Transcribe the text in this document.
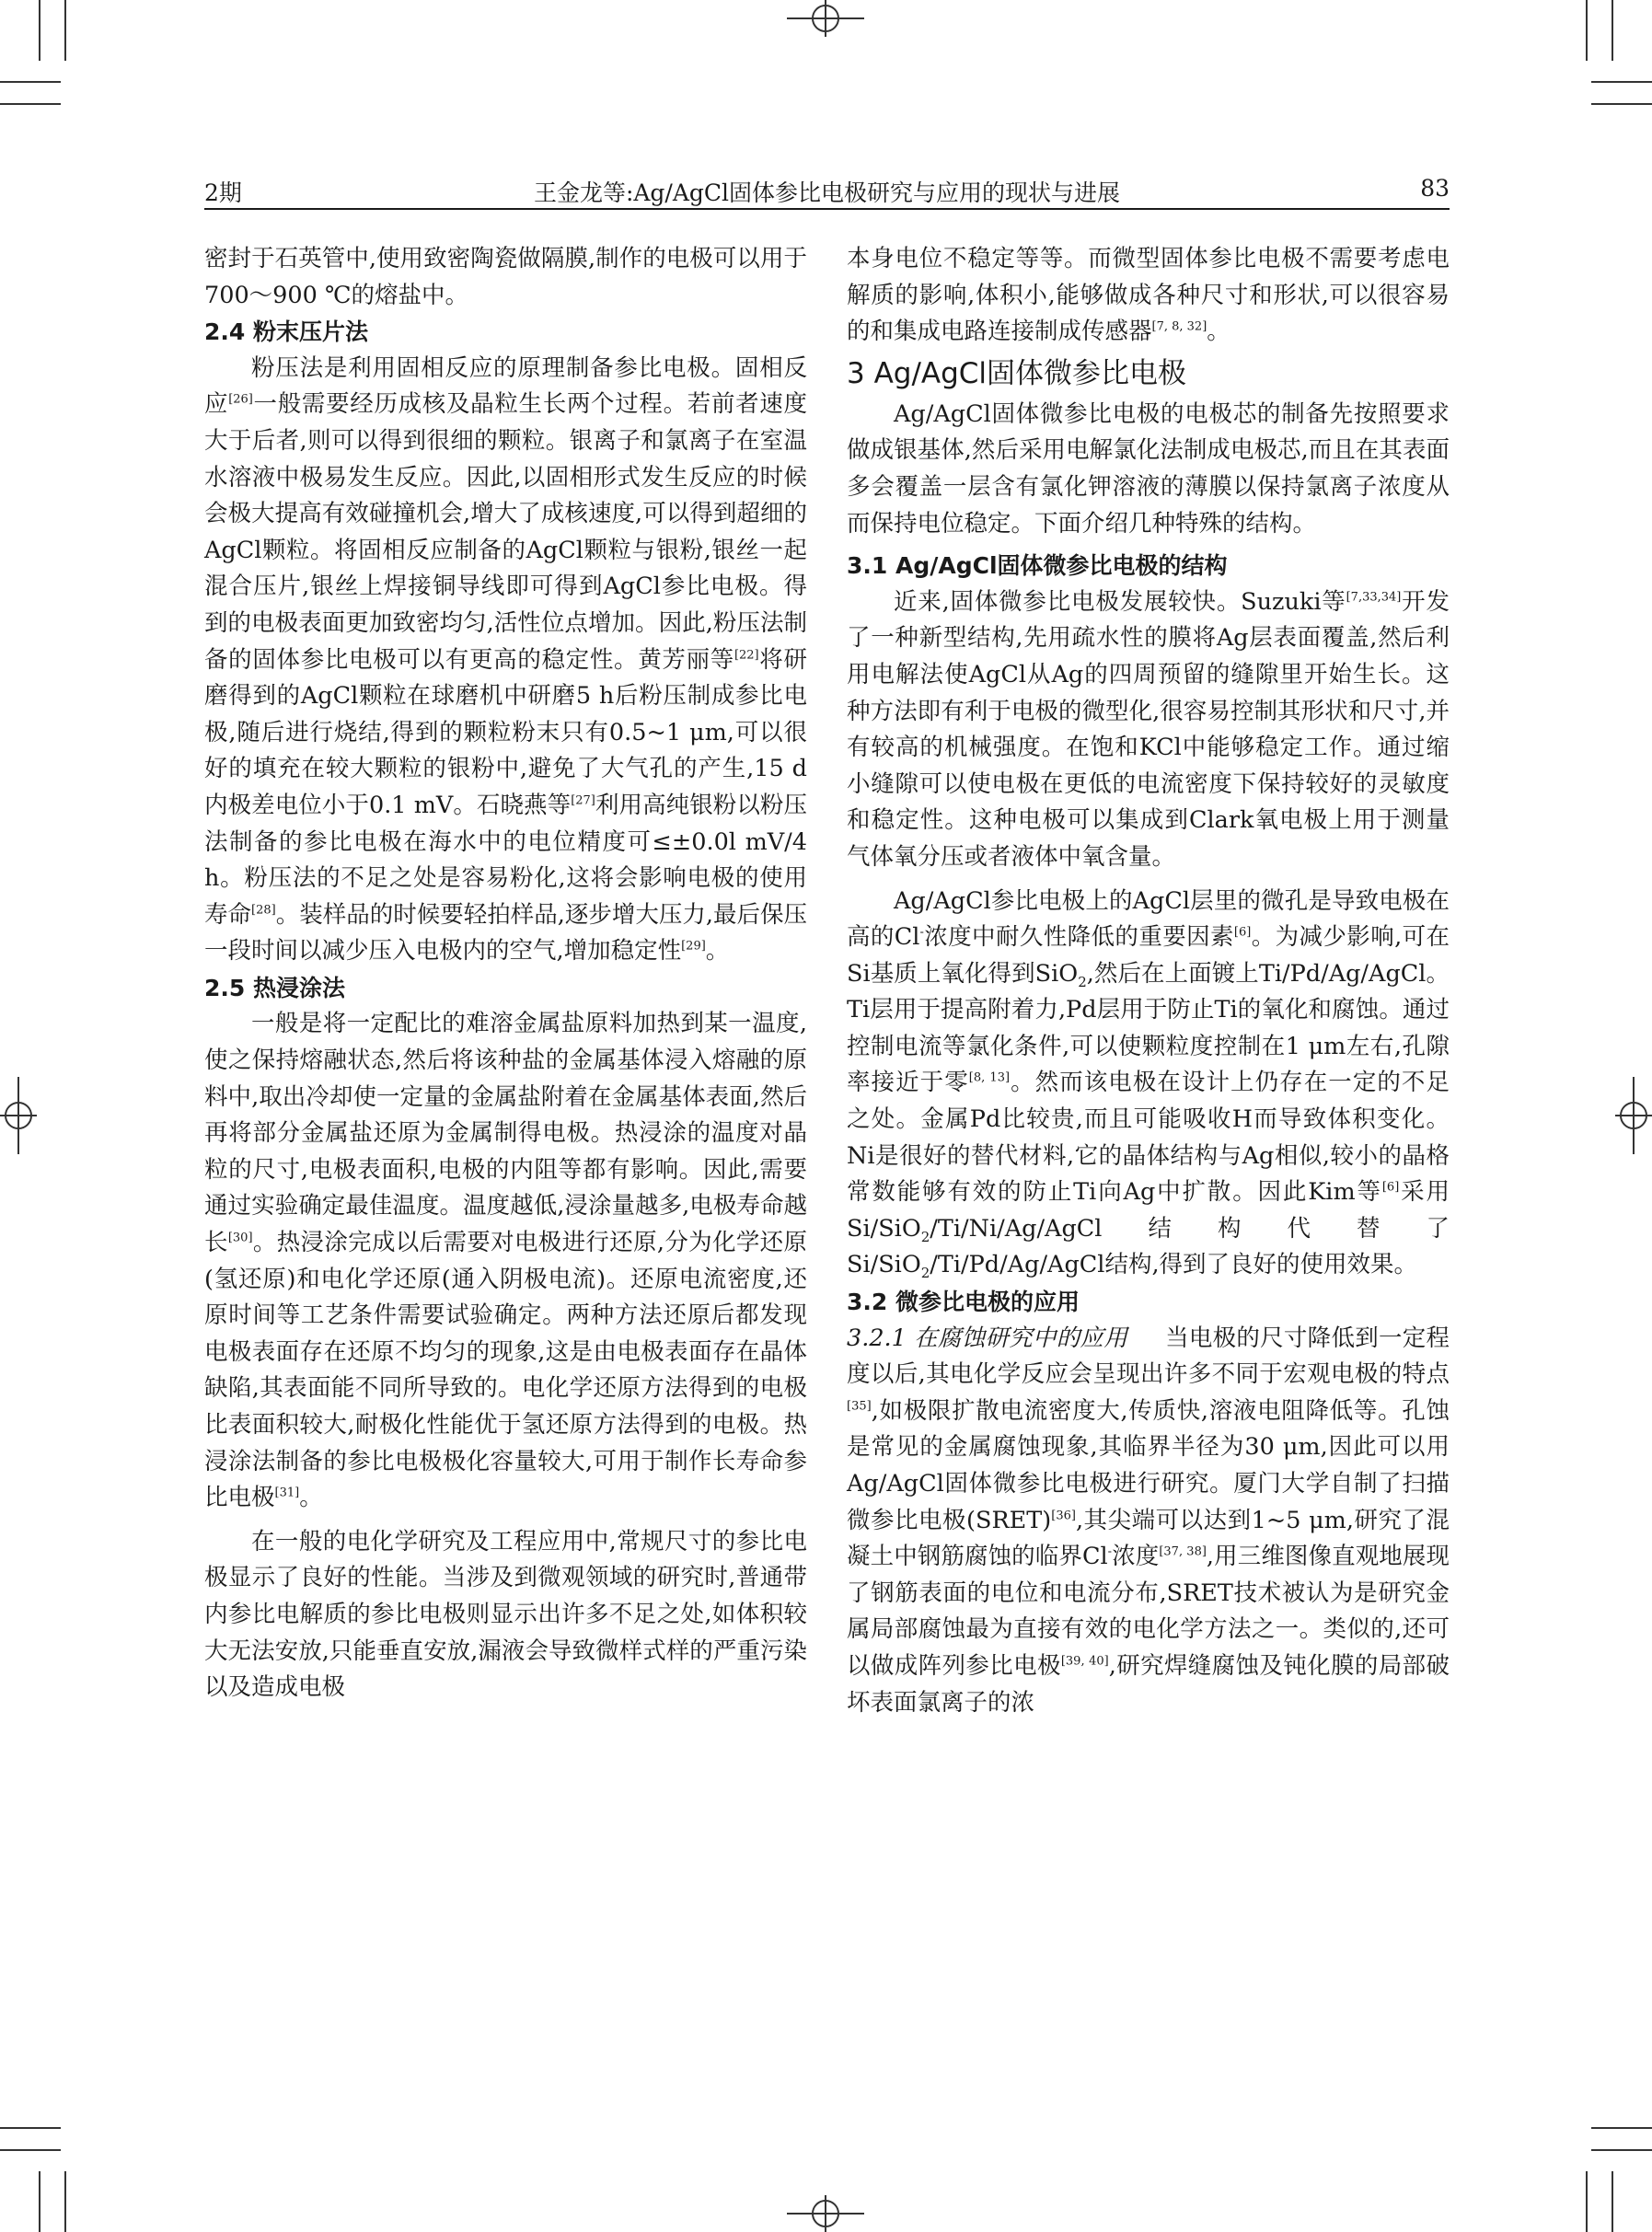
2期	王金龙等:Ag/AgCl固体参比电极研究与应用的现状与进展	83

密封于石英管中,使用致密陶瓷做隔膜,制作的电极可以用于700～900 ℃的熔盐中。

2.4 粉末压片法

粉压法是利用固相反应的原理制备参比电极。固相反应[26]一般需要经历成核及晶粒生长两个过程。若前者速度大于后者,则可以得到很细的颗粒。银离子和氯离子在室温水溶液中极易发生反应。因此,以固相形式发生反应的时候会极大提高有效碰撞机会,增大了成核速度,可以得到超细的AgCl颗粒。将固相反应制备的AgCl颗粒与银粉,银丝一起混合压片,银丝上焊接铜导线即可得到AgCl参比电极。得到的电极表面更加致密均匀,活性位点增加。因此,粉压法制备的固体参比电极可以有更高的稳定性。黄芳丽等[22]将研磨得到的AgCl颗粒在球磨机中研磨5 h后粉压制成参比电极,随后进行烧结,得到的颗粒粉末只有0.5~1 μm,可以很好的填充在较大颗粒的银粉中,避免了大气孔的产生,15 d内极差电位小于0.1 mV。石晓燕等[27]利用高纯银粉以粉压法制备的参比电极在海水中的电位精度可≤±0.0l mV/4 h。粉压法的不足之处是容易粉化,这将会影响电极的使用寿命[28]。装样品的时候要轻拍样品,逐步增大压力,最后保压一段时间以减少压入电极内的空气,增加稳定性[29]。

2.5 热浸涂法

一般是将一定配比的难溶金属盐原料加热到某一温度,使之保持熔融状态,然后将该种盐的金属基体浸入熔融的原料中,取出冷却使一定量的金属盐附着在金属基体表面,然后再将部分金属盐还原为金属制得电极。热浸涂的温度对晶粒的尺寸,电极表面积,电极的内阻等都有影响。因此,需要通过实验确定最佳温度。温度越低,浸涂量越多,电极寿命越长[30]。热浸涂完成以后需要对电极进行还原,分为化学还原(氢还原)和电化学还原(通入阴极电流)。还原电流密度,还原时间等工艺条件需要试验确定。两种方法还原后都发现电极表面存在还原不均匀的现象,这是由电极表面存在晶体缺陷,其表面能不同所导致的。电化学还原方法得到的电极比表面积较大,耐极化性能优于氢还原方法得到的电极。热浸涂法制备的参比电极极化容量较大,可用于制作长寿命参比电极[31]。

在一般的电化学研究及工程应用中,常规尺寸的参比电极显示了良好的性能。当涉及到微观领域的研究时,普通带内参比电解质的参比电极则显示出许多不足之处,如体积较大无法安放,只能垂直安放,漏液会导致微样式样的严重污染以及造成电极

本身电位不稳定等等。而微型固体参比电极不需要考虑电解质的影响,体积小,能够做成各种尺寸和形状,可以很容易的和集成电路连接制成传感器[7, 8, 32]。

3 Ag/AgCl固体微参比电极

Ag/AgCl固体微参比电极的电极芯的制备先按照要求做成银基体,然后采用电解氯化法制成电极芯,而且在其表面多会覆盖一层含有氯化钾溶液的薄膜以保持氯离子浓度从而保持电位稳定。下面介绍几种特殊的结构。

3.1 Ag/AgCl固体微参比电极的结构

近来,固体微参比电极发展较快。Suzuki等[7,33,34]开发了一种新型结构,先用疏水性的膜将Ag层表面覆盖,然后利用电解法使AgCl从Ag的四周预留的缝隙里开始生长。这种方法即有利于电极的微型化,很容易控制其形状和尺寸,并有较高的机械强度。在饱和KCl中能够稳定工作。通过缩小缝隙可以使电极在更低的电流密度下保持较好的灵敏度和稳定性。这种电极可以集成到Clark氧电极上用于测量气体氧分压或者液体中氧含量。

Ag/AgCl参比电极上的AgCl层里的微孔是导致电极在高的Cl-浓度中耐久性降低的重要因素[6]。为减少影响,可在Si基质上氧化得到SiO$_2$,然后在上面镀上Ti/Pd/Ag/AgCl。Ti层用于提高附着力,Pd层用于防止Ti的氧化和腐蚀。通过控制电流等氯化条件,可以使颗粒度控制在1 μm左右,孔隙率接近于零[8, 13]。然而该电极在设计上仍存在一定的不足之处。金属Pd比较贵,而且可能吸收H而导致体积变化。Ni是很好的替代材料,它的晶体结构与Ag相似,较小的晶格常数能够有效的防止Ti向Ag中扩散。因此Kim等[6]采用Si/SiO$_2$/Ti/Ni/Ag/AgCl结构代替了Si/SiO$_2$/Ti/Pd/Ag/AgCl结构,得到了良好的使用效果。

3.2 微参比电极的应用

3.2.1 在腐蚀研究中的应用 当电极的尺寸降低到一定程度以后,其电化学反应会呈现出许多不同于宏观电极的特点[35],如极限扩散电流密度大,传质快,溶液电阻降低等。孔蚀是常见的金属腐蚀现象,其临界半径为30 μm,因此可以用Ag/AgCl固体微参比电极进行研究。厦门大学自制了扫描微参比电极(SRET)[36],其尖端可以达到1~5 μm,研究了混凝土中钢筋腐蚀的临界Cl-浓度[37, 38],用三维图像直观地展现了钢筋表面的电位和电流分布,SRET技术被认为是研究金属局部腐蚀最为直接有效的电化学方法之一。类似的,还可以做成阵列参比电极[39, 40],研究焊缝腐蚀及钝化膜的局部破坏表面氯离子的浓
